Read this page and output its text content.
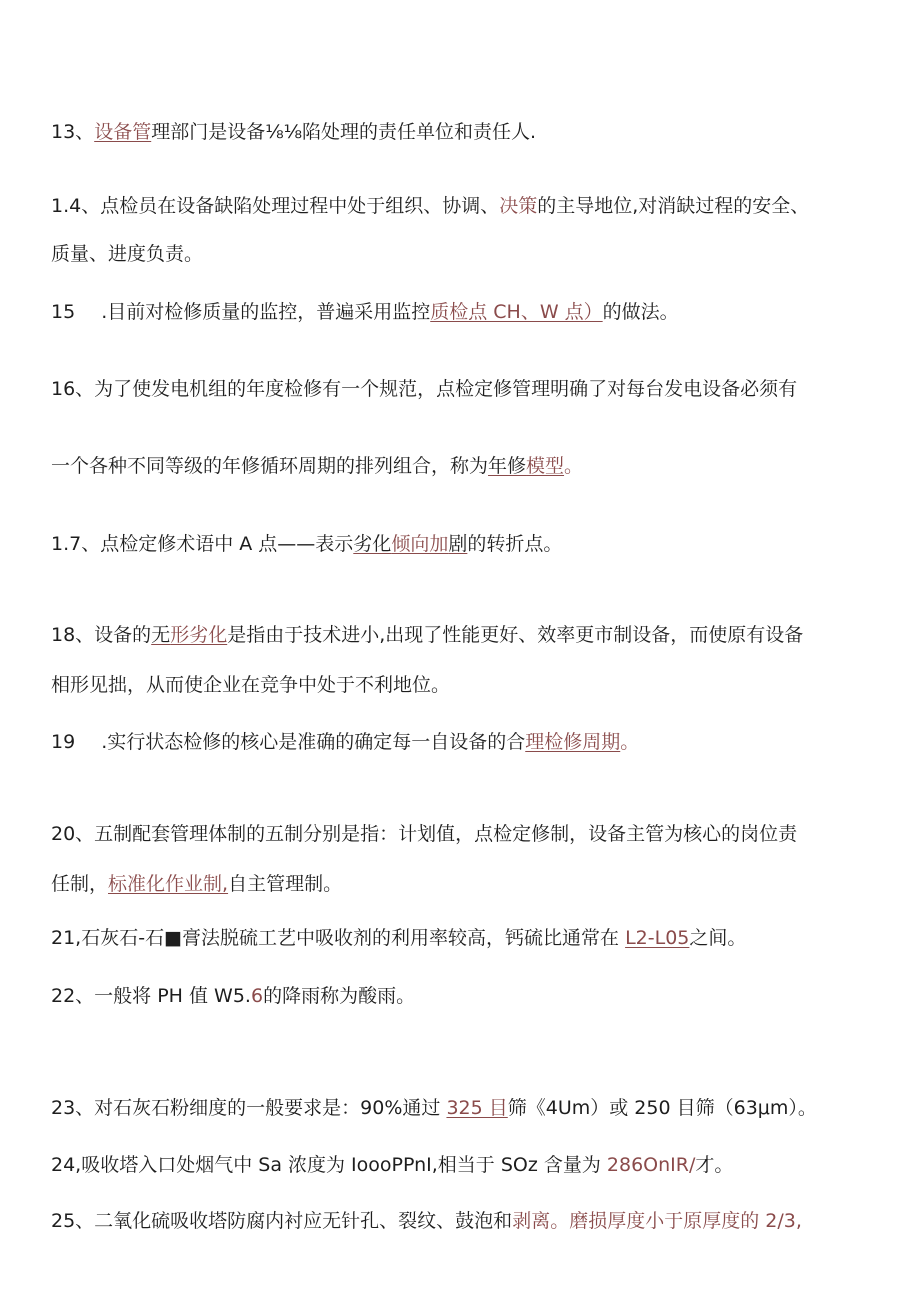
13、设备管理部门是设备⅛⅛陷处理的责任单位和责任人.
1.4、点检员在设备缺陷处理过程中处于组织、协调、决策的主导地位,对消缺过程的安全、
质量、进度负责。
15 .目前对检修质量的监控，普遍采用监控质检点 CH、W 点）的做法。
16、为了使发电机组的年度检修有一个规范，点检定修管理明确了对每台发电设备必须有
一个各种不同等级的年修循环周期的排列组合，称为年修模型。
1.7、点检定修术语中 A 点——表示劣化倾向加剧的转折点。
18、设备的无形劣化是指由于技术进小,出现了性能更好、效率更市制设备，而使原有设备
相形见拙，从而使企业在竞争中处于不利地位。
19 .实行状态检修的核心是准确的确定每一自设备的合理检修周期。
20、五制配套管理体制的五制分别是指：计划值，点检定修制，设备主管为核心的岗位责
任制，标准化作业制,自主管理制。
21,石灰石-石■膏法脱硫工艺中吸收剂的利用率较高，钙硫比通常在 L2-L05之间。
22、一般将 PH 值 W5.6的降雨称为酸雨。
23、对石灰石粉细度的一般要求是：90%通过 325 目筛《4Um）或 250 目筛（63μm）。
24,吸收塔入口处烟气中 Sa 浓度为 IoooPPnI,相当于 SOz 含量为 286OnIR/才。
25、二氧化硫吸收塔防腐内衬应无针孔、裂纹、鼓泡和剥离。磨损厚度小于原厚度的 2/3,
